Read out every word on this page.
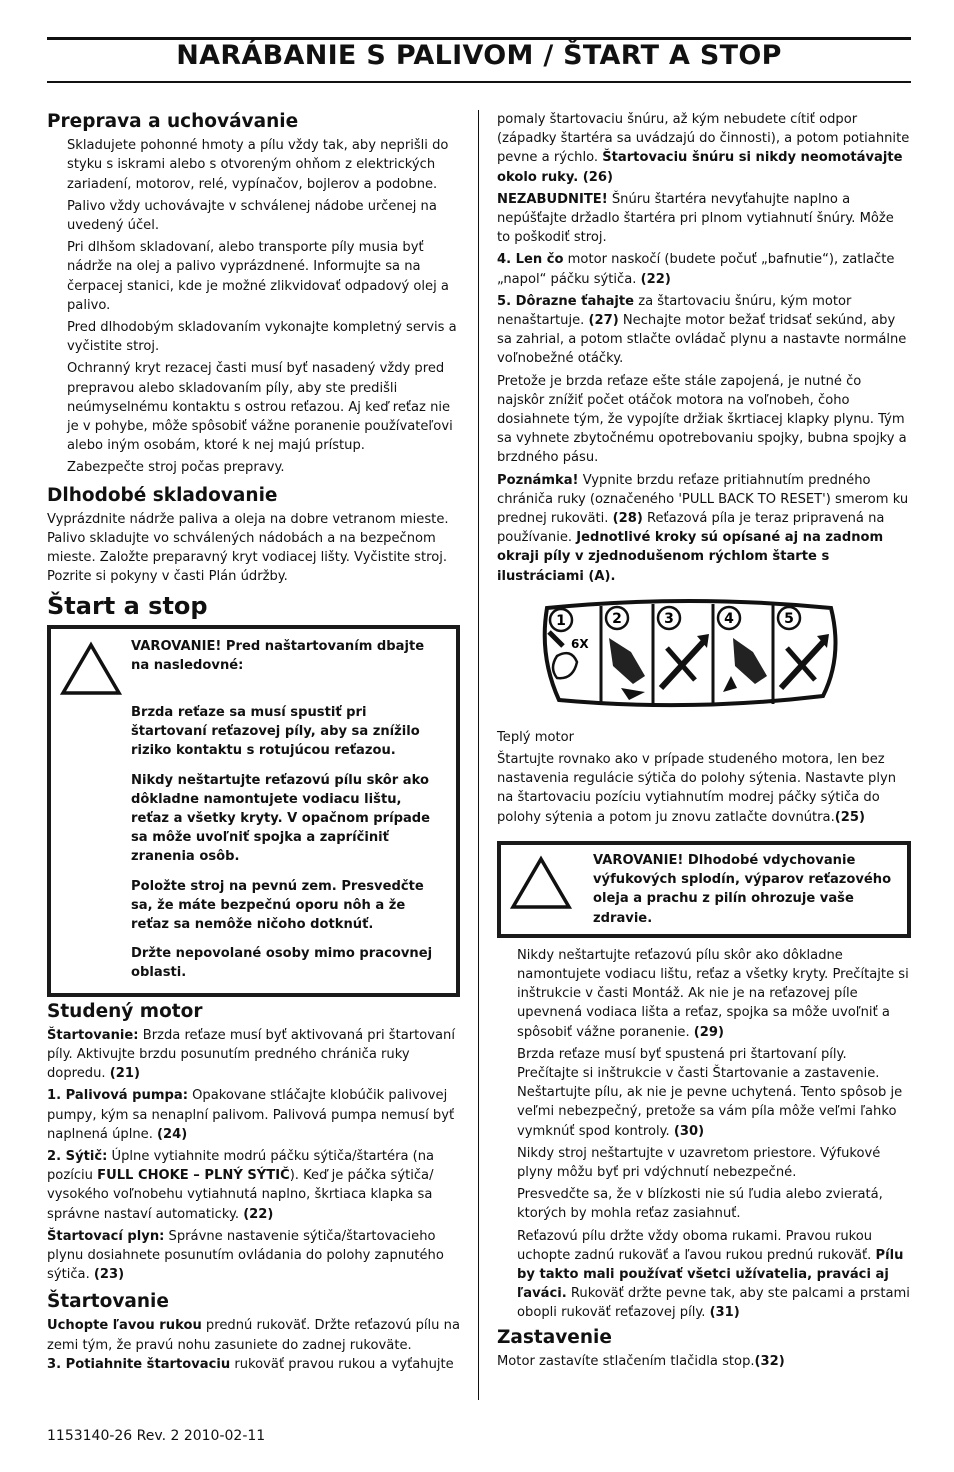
NARÁBANIE S PALIVOM / ŠTART A STOP
Preprava a uchovávanie

Skladujete pohonné hmoty a pílu vždy tak, aby neprišli do styku s iskrami alebo s otvoreným ohňom z elektrických zariadení, motorov, relé, vypínačov, bojlerov a podobne.

Palivo vždy uchovávajte v schválenej nádobe určenej na uvedený účel.

Pri dlhšom skladovaní, alebo transporte píly musia byť nádrže na olej a palivo vyprázdnené. Informujte sa na čerpacej stanici, kde je možné zlikvidovať odpadový olej a palivo.

Pred dlhodobým skladovaním vykonajte kompletný servis a vyčistite stroj.

Ochranný kryt rezacej časti musí byť nasadený vždy pred prepravou alebo skladovaním píly, aby ste predišli neúmyselnému kontaktu s ostrou reťazou. Aj keď reťaz nie je v pohybe, môže spôsobiť vážne poranenie používateľovi alebo iným osobám, ktoré k nej majú prístup.

Zabezpečte stroj počas prepravy.

Dlhodobé skladovanie

Vyprázdnite nádrže paliva a oleja na dobre vetranom mieste. Palivo skladujte vo schválených nádobách a na bezpečnom mieste. Založte preparavný kryt vodiacej lišty. Vyčistite stroj. Pozrite si pokyny v časti Plán údržby.

Štart a stop

VAROVANIE! Pred naštartovaním dbajte na nasledovné:

Brzda reťaze sa musí spustiť pri štartovaní reťazovej píly, aby sa znížilo riziko kontaktu s rotujúcou reťazou.

Nikdy neštartujte reťazovú pílu skôr ako dôkladne namontujete vodiacu lištu, reťaz a všetky kryty. V opačnom prípade sa môže uvoľniť spojka a zapríčiniť zranenia osôb.

Položte stroj na pevnú zem. Presvedčte sa, že máte bezpečnú oporu nôh a že reťaz sa nemôže ničoho dotknúť.

Držte nepovolané osoby mimo pracovnej oblasti.

Studený motor

Štartovanie: Brzda reťaze musí byť aktivovaná pri štartovaní píly. Aktivujte brzdu posunutím predného chrániča ruky dopredu. (21)

1. Palivová pumpa: Opakovane stláčajte klobúčik palivovej pumpy, kým sa nenaplní palivom. Palivová pumpa nemusí byť naplnená úplne. (24)

2. Sýtič: Úplne vytiahnite modrú páčku sýtiča/štartéra (na pozíciu FULL CHOKE – PLNÝ SÝTIČ). Keď je páčka sýtiča/ vysokého voľnobehu vytiahnutá naplno, škrtiaca klapka sa správne nastaví automaticky. (22)

Štartovací plyn: Správne nastavenie sýtiča/štartovacieho plynu dosiahnete posunutím ovládania do polohy zapnutého sýtiča. (23)

Štartovanie

Uchopte ľavou rukou prednú rukoväť. Držte reťazovú pílu na zemi tým, že pravú nohu zasuniete do zadnej rukoväte.

3. Potiahnite štartovaciu rukoväť pravou rukou a vyťahujte

pomaly štartovaciu šnúru, až kým nebudete cítiť odpor (západky štartéra sa uvádzajú do činnosti), a potom potiahnite pevne a rýchlo. Štartovaciu šnúru si nikdy neomotávajte okolo ruky. (26)

NEZABUDNITE! Šnúru štartéra nevyťahujte naplno a nepúšťajte držadlo štartéra pri plnom vytiahnutí šnúry. Môže to poškodiť stroj.

4. Len čo motor naskočí (budete počuť „bafnutie“), zatlačte „napol“ páčku sýtiča. (22)

5. Dôrazne ťahajte za štartovaciu šnúru, kým motor nenaštartuje. (27) Nechajte motor bežať tridsať sekúnd, aby sa zahrial, a potom stlačte ovládač plynu a nastavte normálne voľnobežné otáčky.

Pretože je brzda reťaze ešte stále zapojená, je nutné čo najskôr znížiť počet otáčok motora na voľnobeh, čoho dosiahnete tým, že vypojíte držiak škrtiacej klapky plynu. Tým sa vyhnete zbytočnému opotrebovaniu spojky, bubna spojky a brzdného pásu.

Poznámka! Vypnite brzdu reťaze pritiahnutím predného chrániča ruky (označeného 'PULL BACK TO RESET') smerom ku prednej rukoväti. (28) Reťazová píla je teraz pripravená na používanie. Jednotlivé kroky sú opísané aj na zadnom okraji píly v zjednodušenom rýchlom štarte s ilustráciami (A).

1	2	3	4	5
6X

Teplý motor

Štartujte rovnako ako v prípade studeného motora, len bez nastavenia regulácie sýtiča do polohy sýtenia. Nastavte plyn na štartovaciu pozíciu vytiahnutím modrej páčky sýtiča do polohy sýtenia a potom ju znovu zatlačte dovnútra.(25)

VAROVANIE! Dlhodobé vdychovanie výfukových splodín, výparov reťazového oleja a prachu z pilín ohrozuje vaše zdravie.

Nikdy neštartujte reťazovú pílu skôr ako dôkladne namontujete vodiacu lištu, reťaz a všetky kryty. Prečítajte si inštrukcie v časti Montáž. Ak nie je na reťazovej píle upevnená vodiaca lišta a reťaz, spojka sa môže uvoľniť a spôsobiť vážne poranenie. (29)

Brzda reťaze musí byť spustená pri štartovaní píly. Prečítajte si inštrukcie v časti Štartovanie a zastavenie. Neštartujte pílu, ak nie je pevne uchytená. Tento spôsob je veľmi nebezpečný, pretože sa vám píla môže veľmi ľahko vymknúť spod kontroly. (30)

Nikdy stroj neštartujte v uzavretom priestore. Výfukové plyny môžu byť pri vdýchnutí nebezpečné.

Presvedčte sa, že v blízkosti nie sú ľudia alebo zvieratá, ktorých by mohla reťaz zasiahnuť.

Reťazovú pílu držte vždy oboma rukami. Pravou rukou uchopte zadnú rukoväť a ľavou rukou prednú rukoväť. Pílu by takto mali používať všetci užívatelia, praváci aj ľaváci. Rukoväť držte pevne tak, aby ste palcami a prstami obopli rukoväť reťazovej píly. (31)

Zastavenie

Motor zastavíte stlačením tlačidla stop.(32)

1153140-26 Rev. 2 2010-02-11
